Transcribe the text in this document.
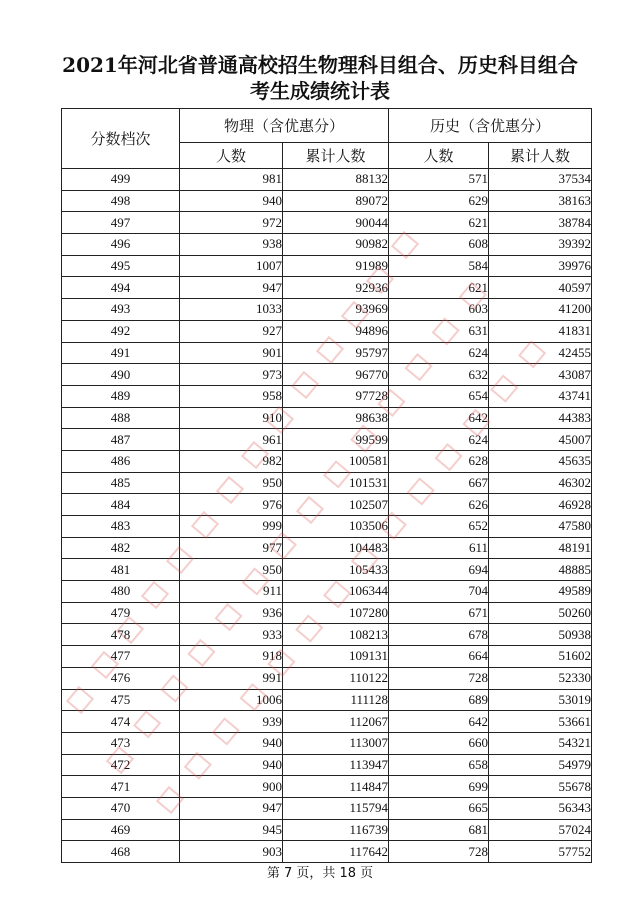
2021年河北省普通高校招生物理科目组合、历史科目组合
考生成绩统计表
分数档次	物理（含优惠分）		历史（含优惠分）	
	人数	累计人数	人数	累计人数
499	981	88132	571	37534
498	940	89072	629	38163
497	972	90044	621	38784
496	938	90982	608	39392
495	1007	91989	584	39976
494	947	92936	621	40597
493	1033	93969	603	41200
492	927	94896	631	41831
491	901	95797	624	42455
490	973	96770	632	43087
489	958	97728	654	43741
488	910	98638	642	44383
487	961	99599	624	45007
486	982	100581	628	45635
485	950	101531	667	46302
484	976	102507	626	46928
483	999	103506	652	47580
482	977	104483	611	48191
481	950	105433	694	48885
480	911	106344	704	49589
479	936	107280	671	50260
478	933	108213	678	50938
477	918	109131	664	51602
476	991	110122	728	52330
475	1006	111128	689	53019
474	939	112067	642	53661
473	940	113007	660	54321
472	940	113947	658	54979
471	900	114847	699	55678
470	947	115794	665	56343
469	945	116739	681	57024
468	903	117642	728	57752
第 7 页，共 18 页
